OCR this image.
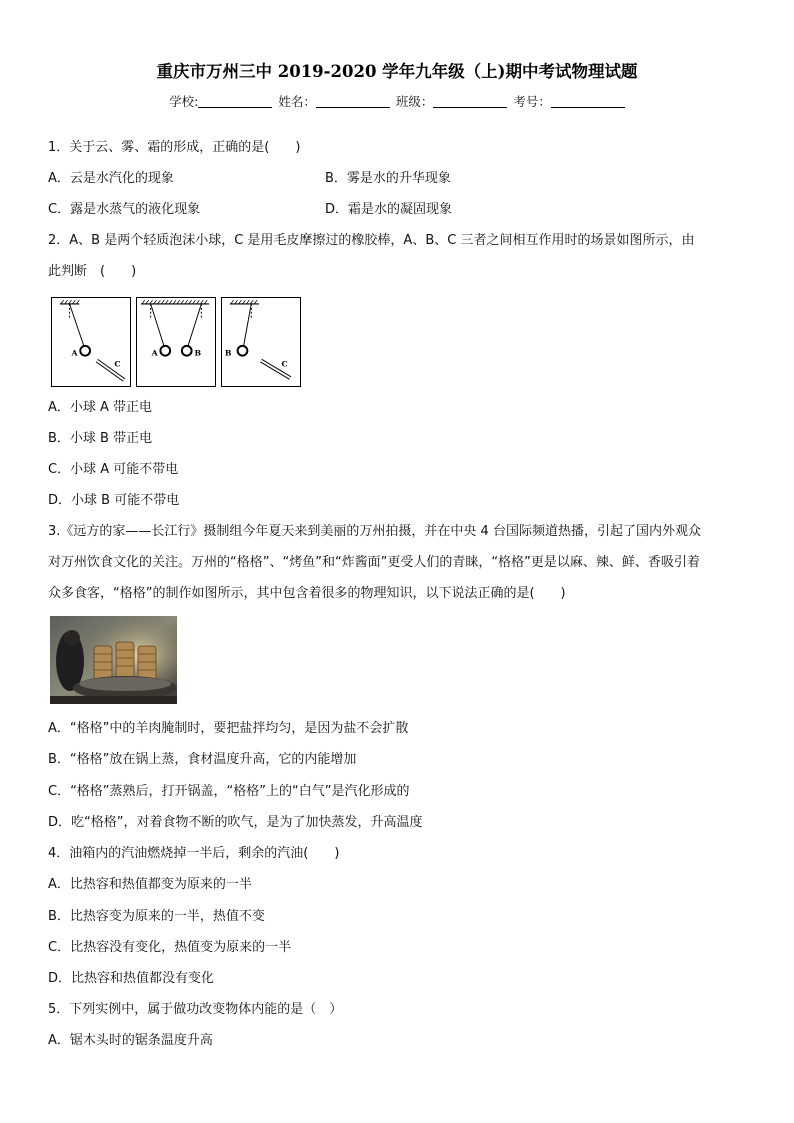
重庆市万州三中 2019-2020 学年九年级（上)期中考试物理试题
学校:	姓名：	班级：	考号：
1．关于云、雾、霜的形成，正确的是(　　)
A．云是水汽化的现象	B．雾是水的升华现象
C．露是水蒸气的液化现象	D．霜是水的凝固现象
2．A、B 是两个轻质泡沫小球，C 是用毛皮摩擦过的橡胶棒，A、B、C 三者之间相互作用时的场景如图所示，由
此判断　(　　)
A
C
A	B	B
C
A．小球 A 带正电
B．小球 B 带正电
C．小球 A 可能不带电
D．小球 B 可能不带电
3.《远方的家——长江行》摄制组今年夏天来到美丽的万州拍摄，并在中央 4 台国际频道热播，引起了国内外观众
对万州饮食文化的关注。万州的“格格”、“烤鱼”和“炸酱面”更受人们的青睐，“格格”更是以麻、辣、鲜、香吸引着
众多食客，“格格”的制作如图所示，其中包含着很多的物理知识，以下说法正确的是(　　)
A．“格格”中的羊肉腌制时，要把盐拌均匀，是因为盐不会扩散
B．“格格”放在锅上蒸，食材温度升高，它的内能增加
C．“格格”蒸熟后，打开锅盖，“格格”上的“白气”是汽化形成的
D．吃“格格”，对着食物不断的吹气，是为了加快蒸发，升高温度
4．油箱内的汽油燃烧掉一半后，剩余的汽油(　　)
A．比热容和热值都变为原来的一半
B．比热容变为原来的一半，热值不变
C．比热容没有变化，热值变为原来的一半
D．比热容和热值都没有变化
5．下列实例中，属于做功改变物体内能的是（　）
A．锯木头时的锯条温度升高
